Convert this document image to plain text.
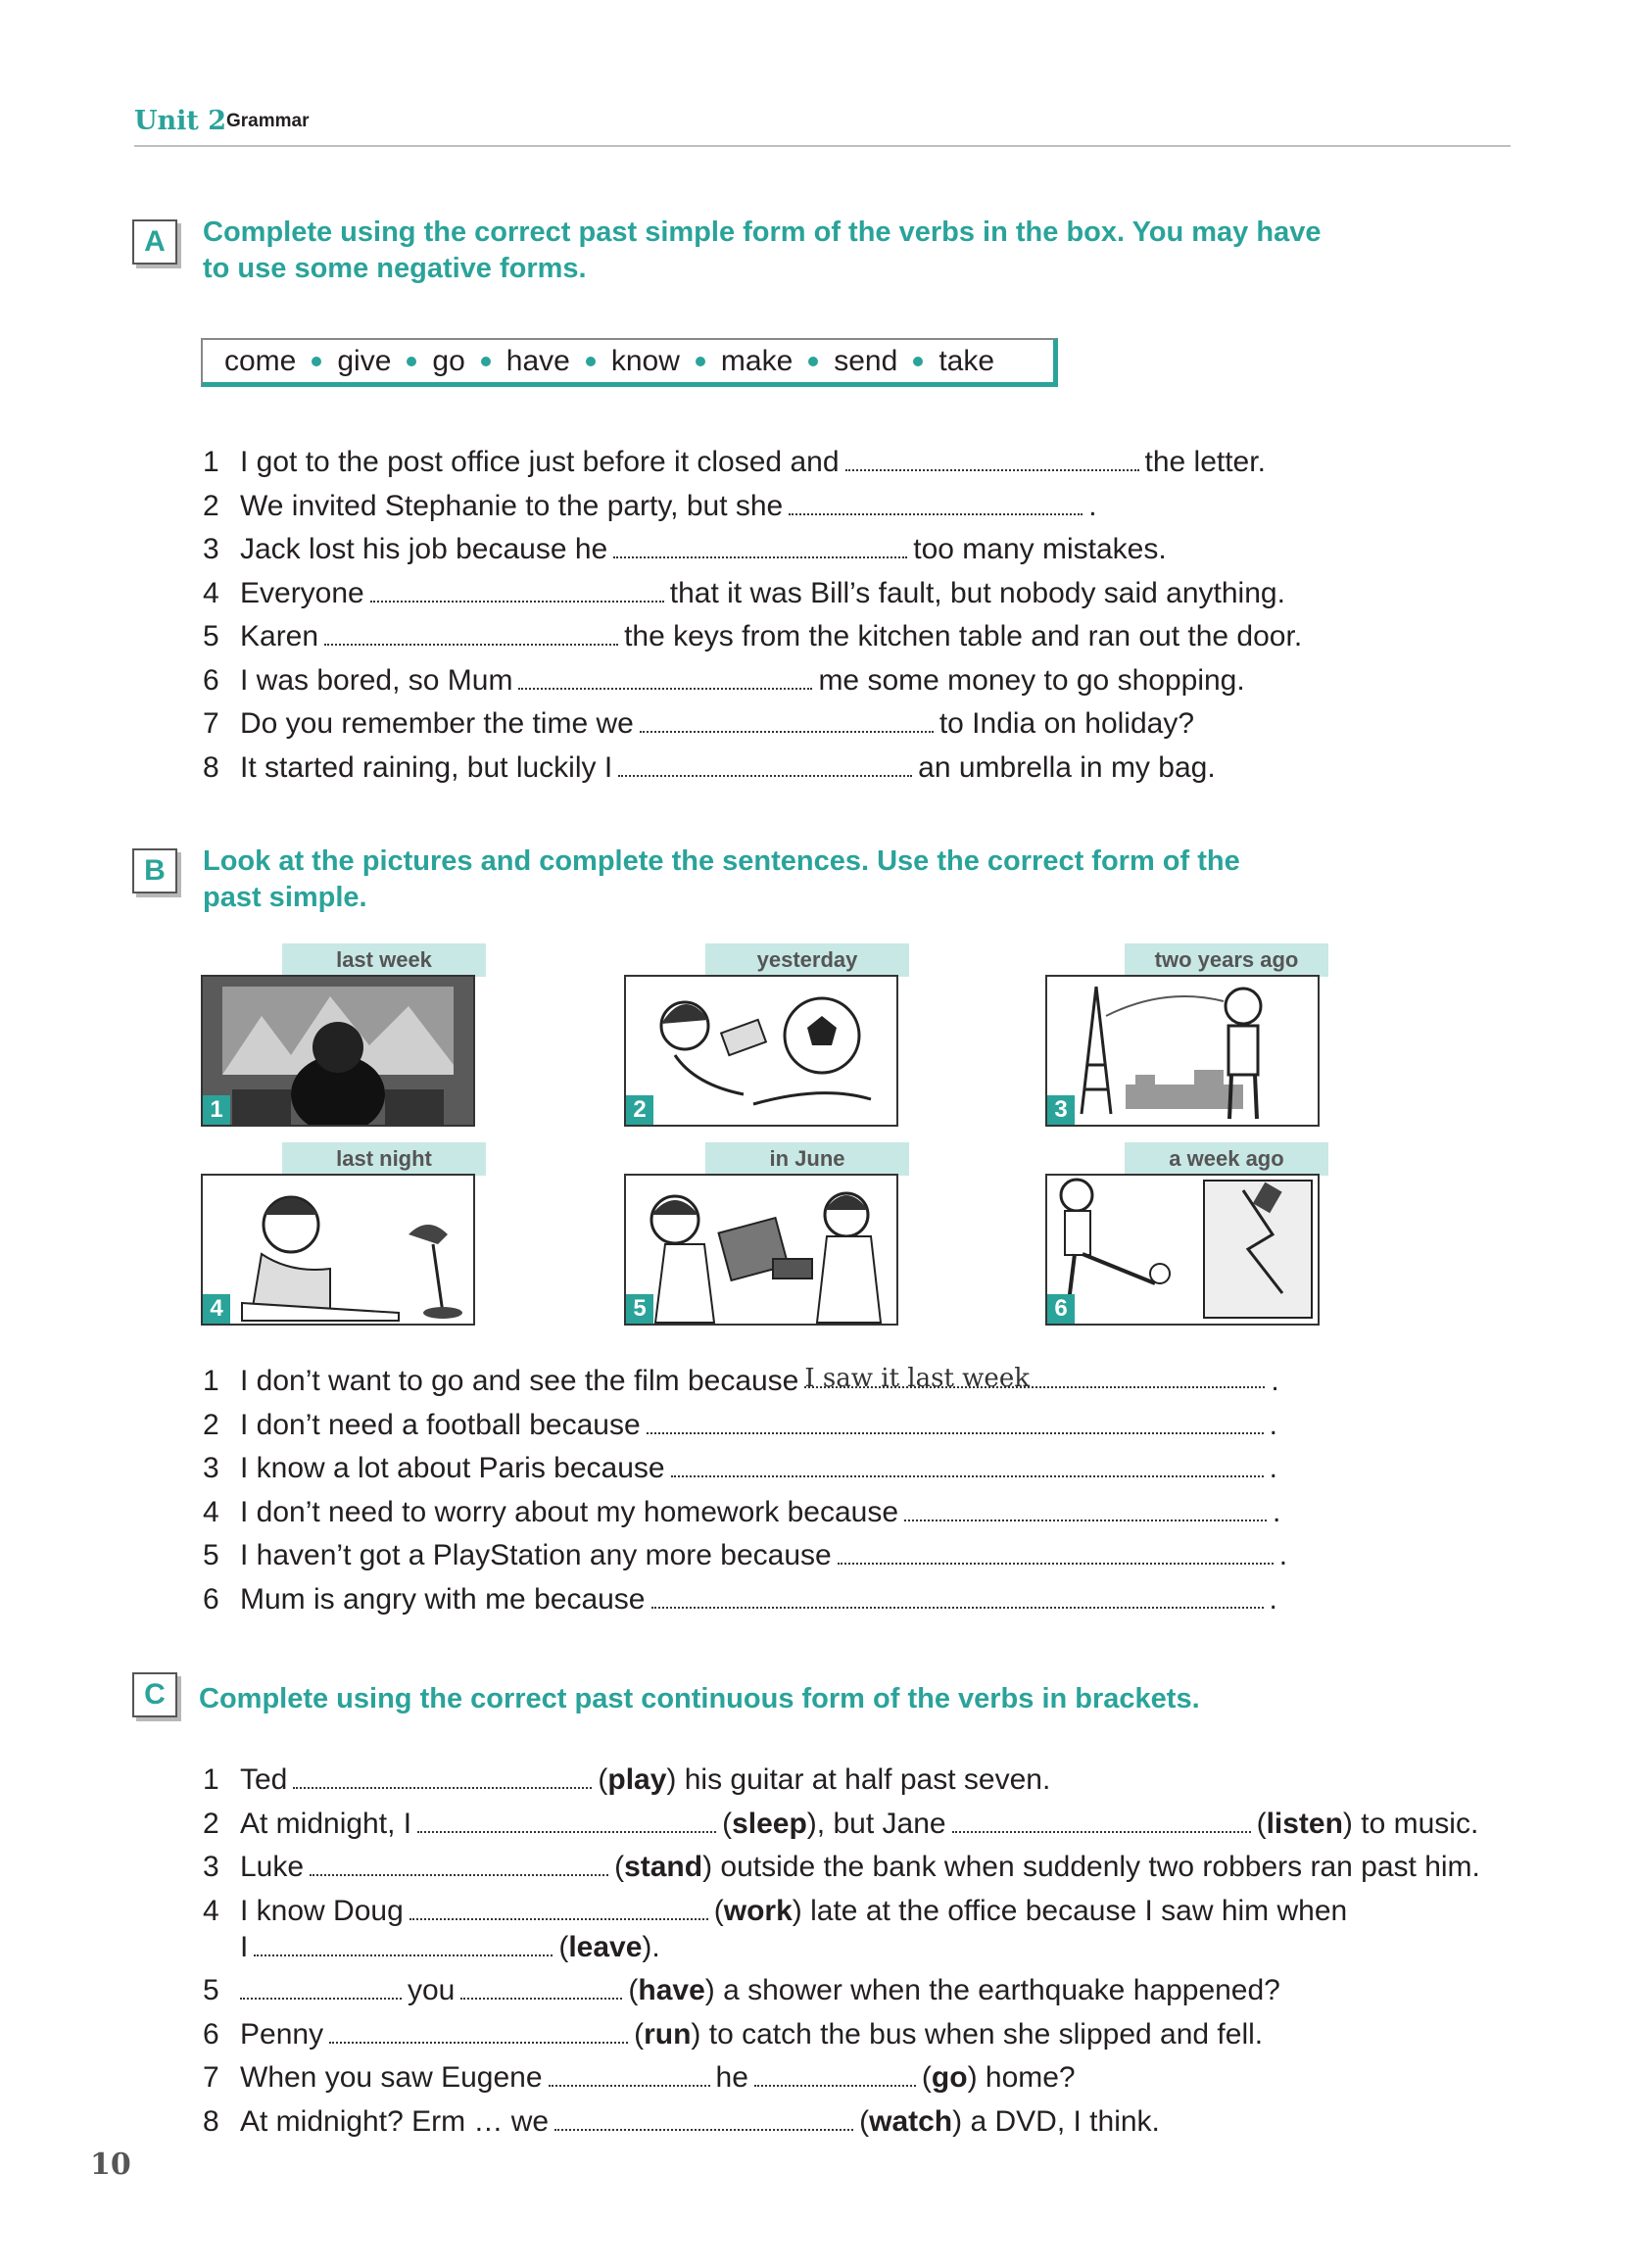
Unit 2 Grammar
A	Complete using the correct past simple form of the verbs in the box. You may have
to use some negative forms.
come give go have know make send take
1 I got to the post office just before it closed and	the letter.
2 We invited Stephanie to the party, but she	.
3 Jack lost his job because he	too many mistakes.
4 Everyone	that it was Bill’s fault, but nobody said anything.
5 Karen	the keys from the kitchen table and ran out the door.
6 I was bored, so Mum	me some money to go shopping.
7 Do you remember the time we	to India on holiday?
8 It started raining, but luckily I	an umbrella in my bag.
B	Look at the pictures and complete the sentences. Use the correct form of the
past simple.
last week
1
yesterday
2
two years ago
3
last night
4
in June
5
a week ago
6
1 I don’t want to go and see the film because I saw it last week	.
2 I don’t need a football because	.
3 I know a lot about Paris because	.
4 I don’t need to worry about my homework because	.
5 I haven’t got a PlayStation any more because	.
6 Mum is angry with me because	.
C	Complete using the correct past continuous form of the verbs in brackets.
1 Ted	(play) his guitar at half past seven.
2 At midnight, I	(sleep), but Jane	(listen) to music.
3 Luke	(stand) outside the bank when suddenly two robbers ran past him.
4 I know Doug	(work) late at the office because I saw him when
I	(leave).
5	you	(have) a shower when the earthquake happened?
6 Penny	(run) to catch the bus when she slipped and fell.
7 When you saw Eugene	he	(go) home?
8 At midnight? Erm … we	(watch) a DVD, I think.
10
